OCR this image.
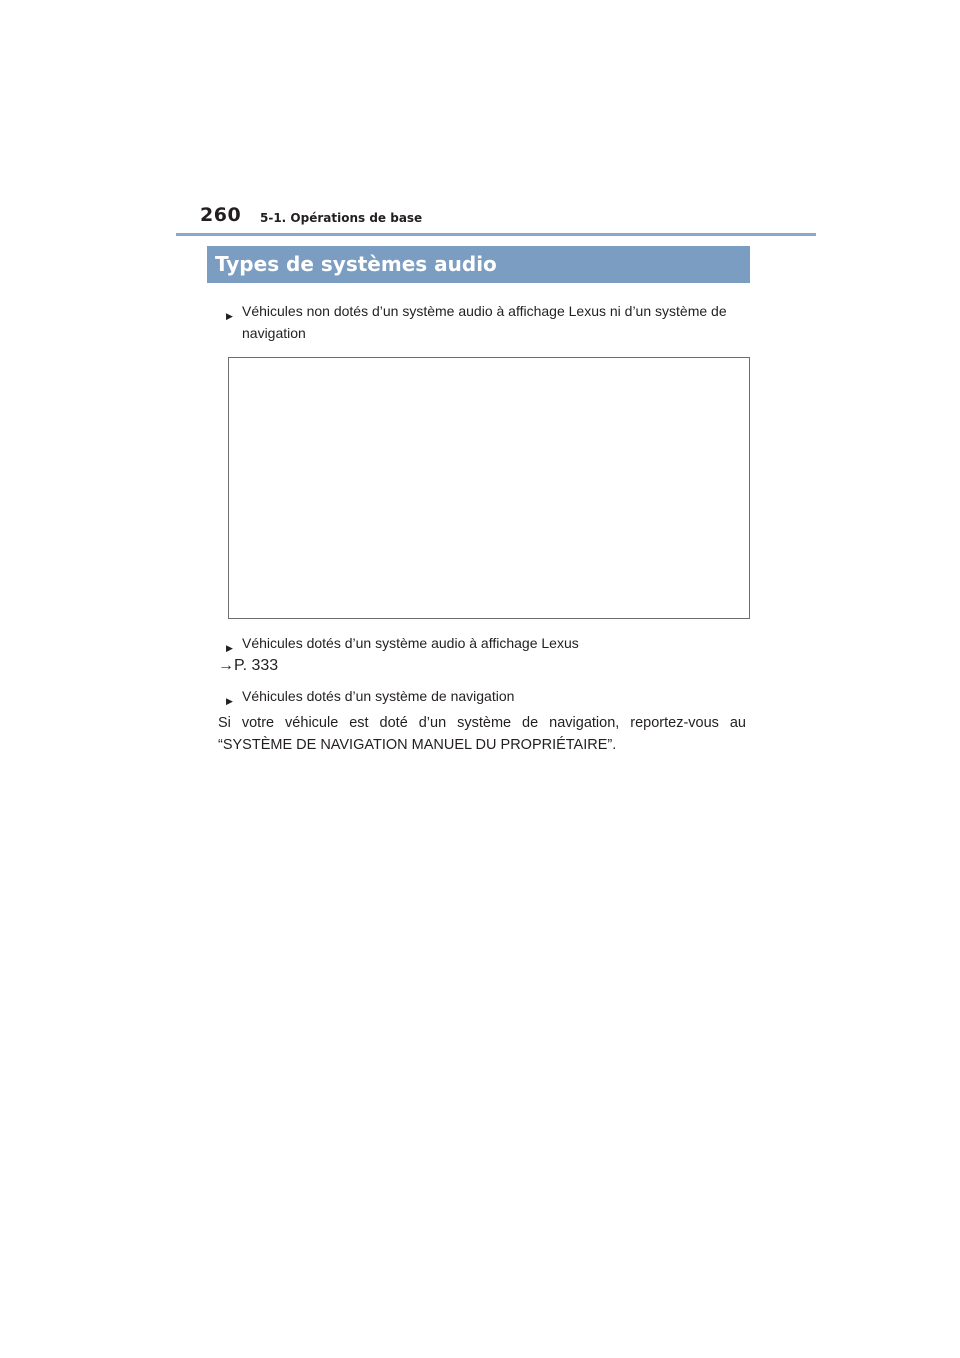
260 5-1. Opérations de base
Types de systèmes audio
▶ Véhicules non dotés d’un système audio à affichage Lexus ni d’un système de navigation
▶ Véhicules dotés d’un système audio à affichage Lexus
→P. 333
▶ Véhicules dotés d’un système de navigation
Si votre véhicule est doté d’un système de navigation, reportez-vous au “SYSTÈME DE NAVIGATION MANUEL DU PROPRIÉTAIRE”.
